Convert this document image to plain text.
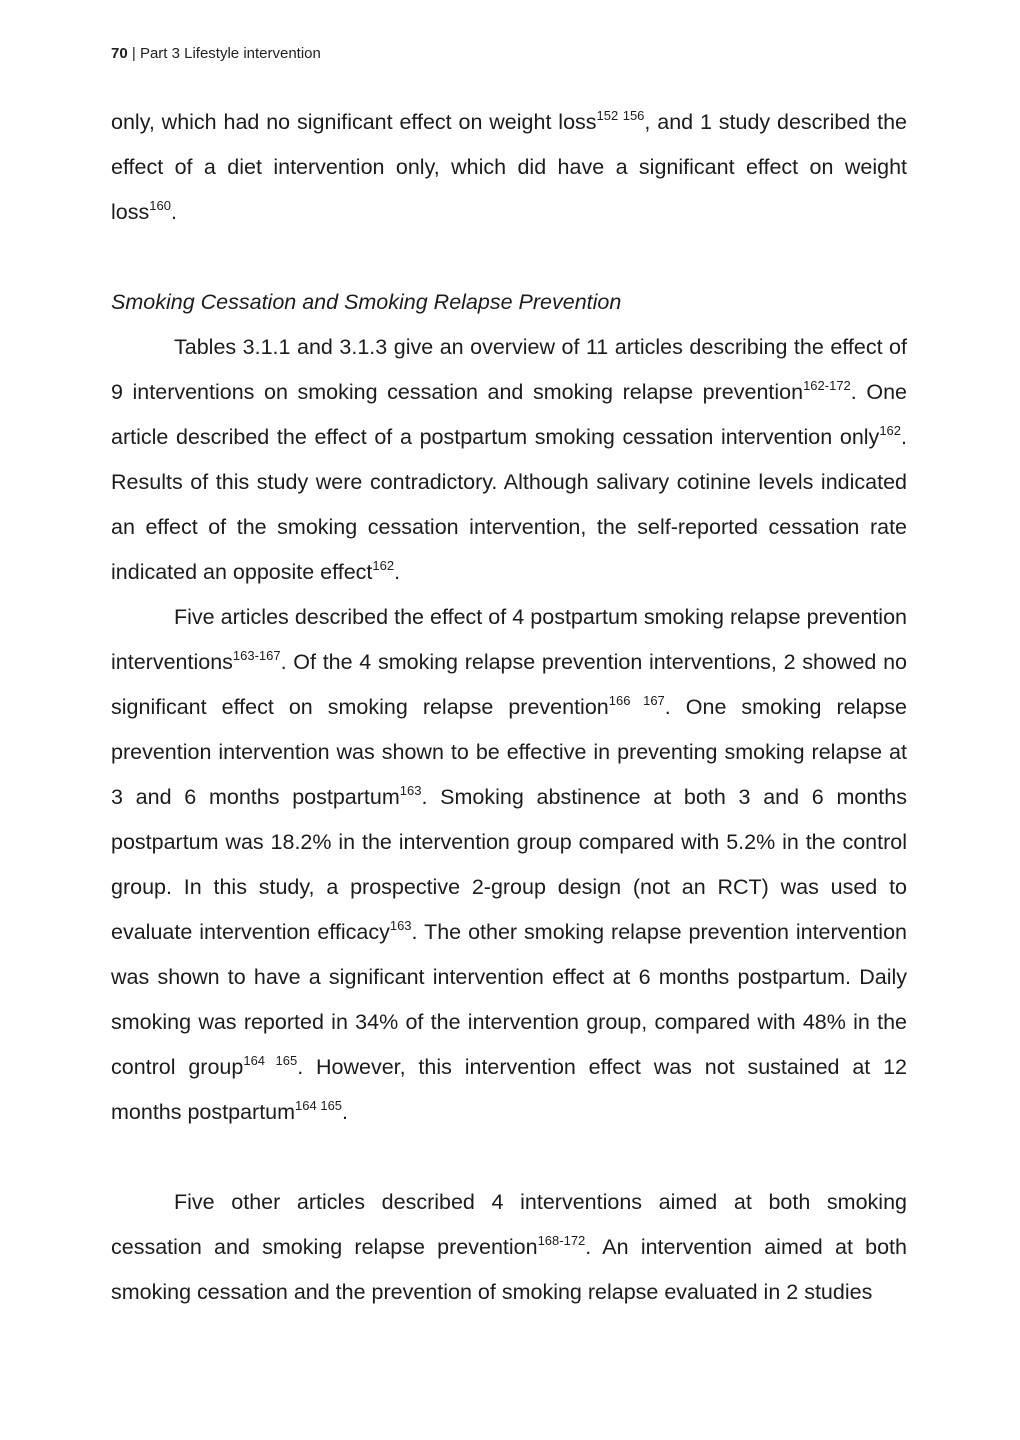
70 | Part 3 Lifestyle intervention

only, which had no significant effect on weight loss$^{152 156}$, and 1 study described the effect of a diet intervention only, which did have a significant effect on weight loss$^{160}$.

Smoking Cessation and Smoking Relapse Prevention

Tables 3.1.1 and 3.1.3 give an overview of 11 articles describing the effect of 9 interventions on smoking cessation and smoking relapse prevention$^{162-172}$. One article described the effect of a postpartum smoking cessation intervention only$^{162}$. Results of this study were contradictory. Although salivary cotinine levels indicated an effect of the smoking cessation intervention, the self-reported cessation rate indicated an opposite effect$^{162}$.

Five articles described the effect of 4 postpartum smoking relapse prevention interventions$^{163-167}$. Of the 4 smoking relapse prevention interventions, 2 showed no significant effect on smoking relapse prevention$^{166 167}$. One smoking relapse prevention intervention was shown to be effective in preventing smoking relapse at 3 and 6 months postpartum$^{163}$. Smoking abstinence at both 3 and 6 months postpartum was 18.2% in the intervention group compared with 5.2% in the control group. In this study, a prospective 2-group design (not an RCT) was used to evaluate intervention efficacy$^{163}$. The other smoking relapse prevention intervention was shown to have a significant intervention effect at 6 months postpartum. Daily smoking was reported in 34% of the intervention group, compared with 48% in the control group$^{164 165}$. However, this intervention effect was not sustained at 12 months postpartum$^{164 165}$.

Five other articles described 4 interventions aimed at both smoking cessation and smoking relapse prevention$^{168-172}$. An intervention aimed at both smoking cessation and the prevention of smoking relapse evaluated in 2 studies
